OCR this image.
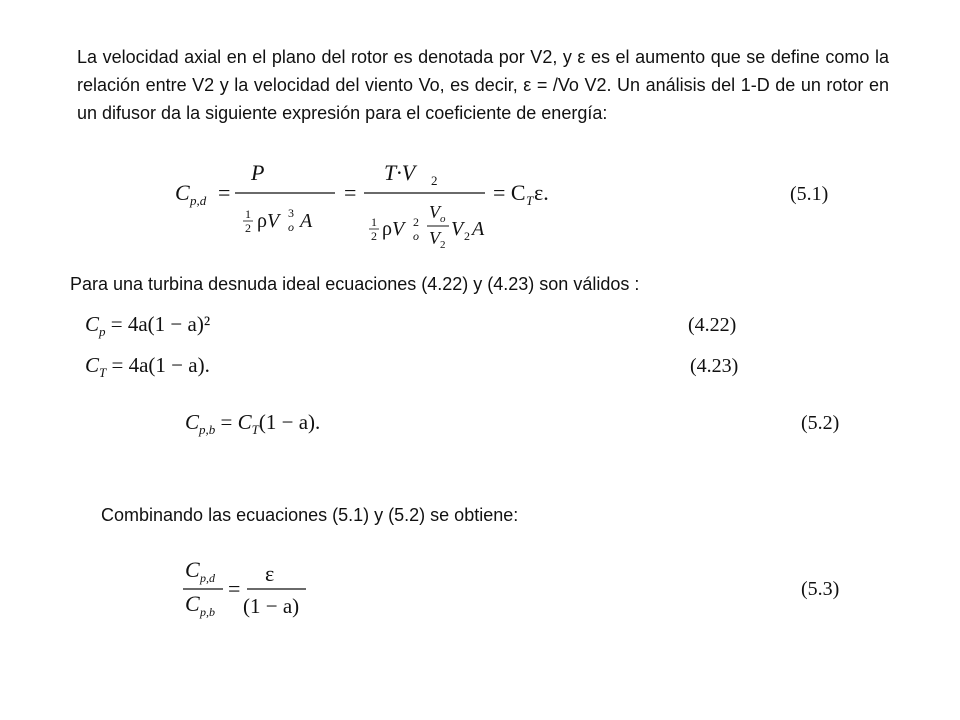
La velocidad axial en el plano del rotor es denotada por V2, y ε es el aumento que se define como la relación entre V2 y la velocidad del viento Vo, es decir, ε = /Vo V2. Un análisis del 1-D de un rotor en un difusor da la siguiente expresión para el coeficiente de energía:
C p,d =
P
1
2 ρV 3
o A
=
T·V 2
1
2 ρV 2
o
V o
V 2
V 2 A
= C T ε.	(5.1)
Para una turbina desnuda ideal ecuaciones (4.22) y (4.23) son válidos :
$C_p = 4a(1 - a)^2$	(4.22)
$C_T = 4a(1 - a)$.	(4.23)
$C_{p,b} = C_T(1 - a)$.	(5.2)
Combinando las ecuaciones (5.1) y (5.2) se obtiene:
C p,d
C p,b
=
ε
(1 − a)
(5.3)
